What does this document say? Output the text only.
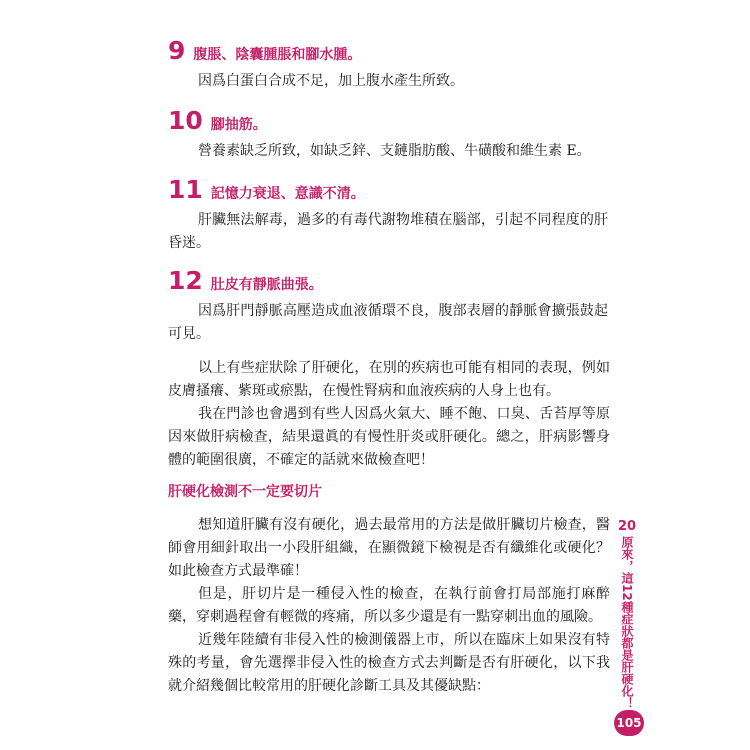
9 腹脹、陰囊腫脹和腳水腫。
因爲白蛋白合成不足，加上腹水產生所致。
10 腳抽筋。
營養素缺乏所致，如缺乏鋅、支鏈脂肪酸、牛磺酸和維生素 E。
11 記憶力衰退、意識不清。
肝臟無法解毒，過多的有毒代謝物堆積在腦部，引起不同程度的肝昏迷。
12 肚皮有靜脈曲張。
因爲肝門靜脈高壓造成血液循環不良，腹部表層的靜脈會擴張鼓起可見。

以上有些症狀除了肝硬化，在別的疾病也可能有相同的表現，例如皮膚搔癢、紫斑或瘀點，在慢性腎病和血液疾病的人身上也有。

我在門診也會遇到有些人因爲火氣大、睡不飽、口臭、舌苔厚等原因來做肝病檢查，結果還眞的有慢性肝炎或肝硬化。總之，肝病影響身體的範圍很廣，不確定的話就來做檢查吧！

肝硬化檢測不一定要切片

想知道肝臟有沒有硬化，過去最常用的方法是做肝臟切片檢查，醫師會用細針取出一小段肝組織，在顯微鏡下檢視是否有纖維化或硬化？如此檢查方式最準確！

但是，肝切片是一種侵入性的檢查，在執行前會打局部施打麻醉藥，穿刺過程會有輕微的疼痛，所以多少還是有一點穿刺出血的風險。

近幾年陸續有非侵入性的檢測儀器上市，所以在臨床上如果沒有特殊的考量，會先選擇非侵入性的檢查方式去判斷是否有肝硬化，以下我就介紹幾個比較常用的肝硬化診斷工具及其優缺點：

20
原來，這12種症狀都是肝硬化！
105
